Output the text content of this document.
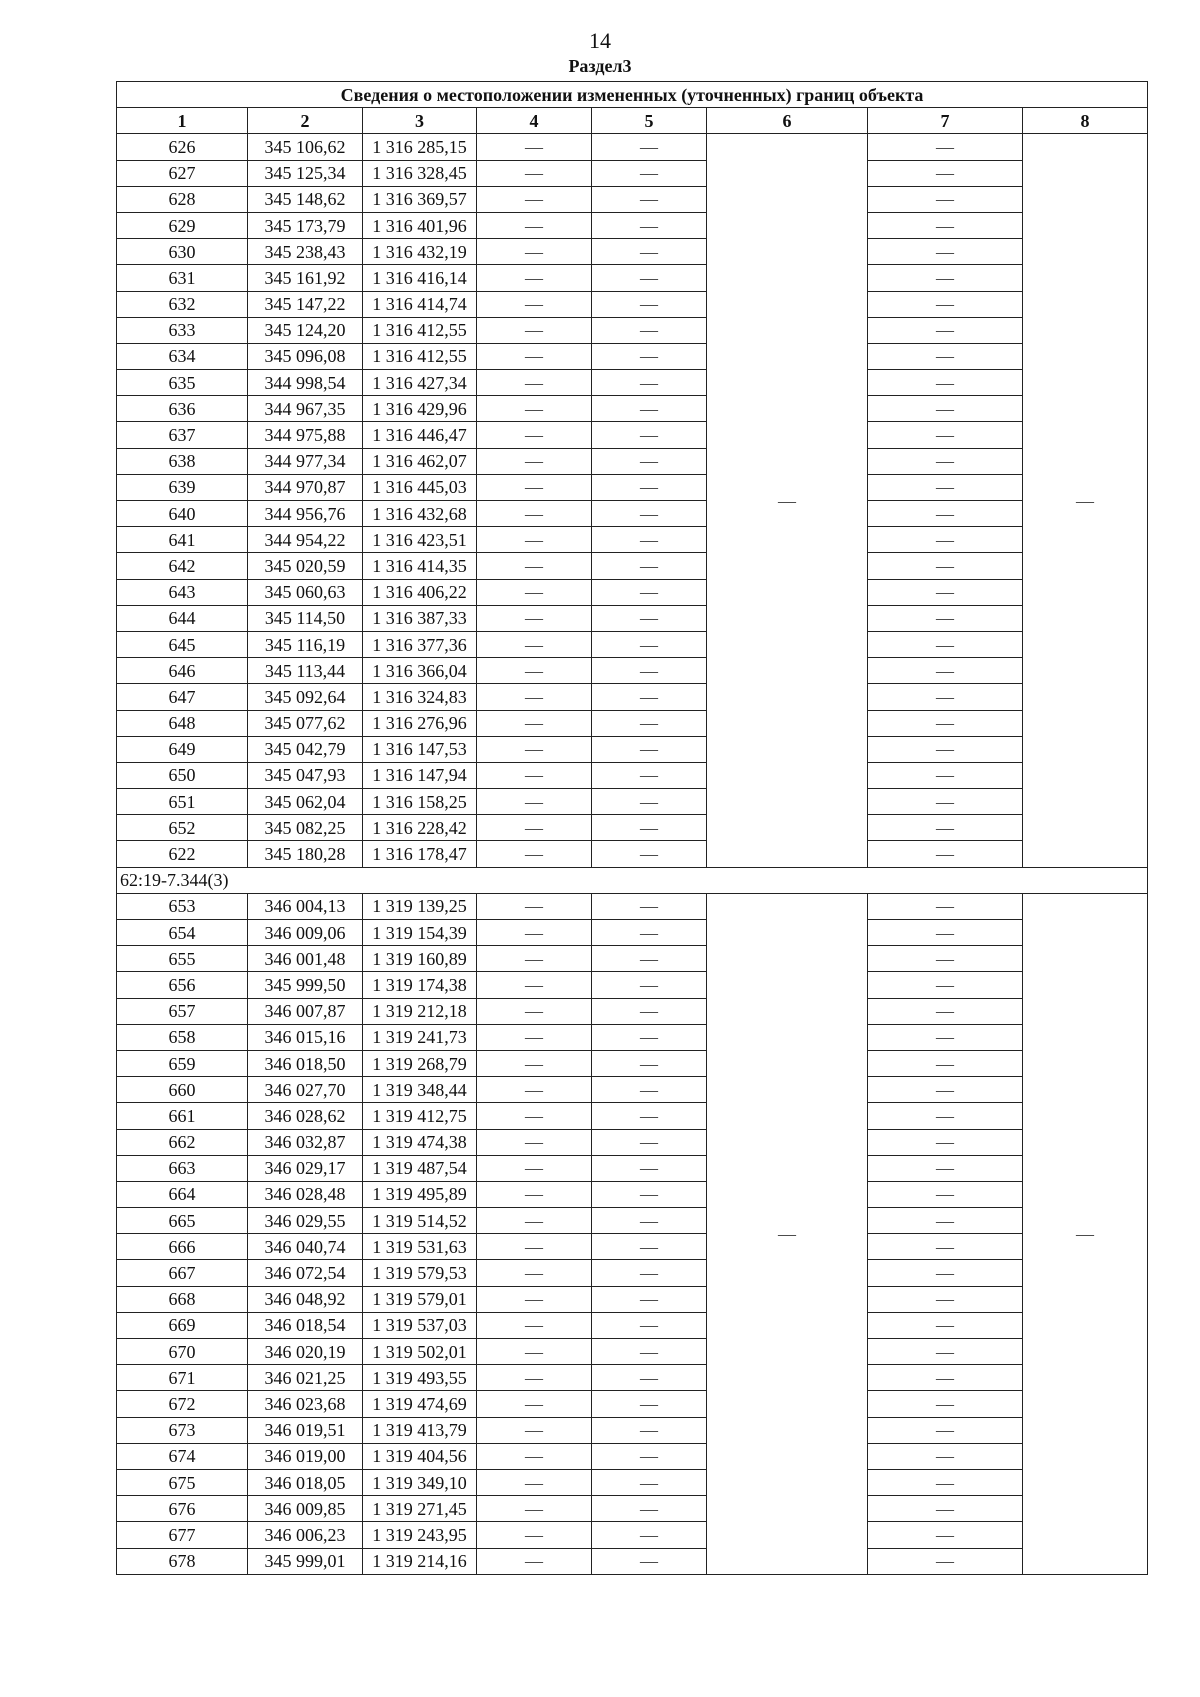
14
Раздел3
Сведения о местоположении измененных (уточненных) границ объекта							
1	2	3	4	5	6	7	8
626	345 106,62	1 316 285,15	—	—	—	—	—
627	345 125,34	1 316 328,45	—	—		—	
628	345 148,62	1 316 369,57	—	—		—	
629	345 173,79	1 316 401,96	—	—		—	
630	345 238,43	1 316 432,19	—	—		—	
631	345 161,92	1 316 416,14	—	—		—	
632	345 147,22	1 316 414,74	—	—		—	
633	345 124,20	1 316 412,55	—	—		—	
634	345 096,08	1 316 412,55	—	—		—	
635	344 998,54	1 316 427,34	—	—		—	
636	344 967,35	1 316 429,96	—	—		—	
637	344 975,88	1 316 446,47	—	—		—	
638	344 977,34	1 316 462,07	—	—		—	
639	344 970,87	1 316 445,03	—	—		—	
640	344 956,76	1 316 432,68	—	—		—	
641	344 954,22	1 316 423,51	—	—		—	
642	345 020,59	1 316 414,35	—	—		—	
643	345 060,63	1 316 406,22	—	—		—	
644	345 114,50	1 316 387,33	—	—		—	
645	345 116,19	1 316 377,36	—	—		—	
646	345 113,44	1 316 366,04	—	—		—	
647	345 092,64	1 316 324,83	—	—		—	
648	345 077,62	1 316 276,96	—	—		—	
649	345 042,79	1 316 147,53	—	—		—	
650	345 047,93	1 316 147,94	—	—		—	
651	345 062,04	1 316 158,25	—	—		—	
652	345 082,25	1 316 228,42	—	—		—	
622	345 180,28	1 316 178,47	—	—		—	
62:19-7.344(3)							
653	346 004,13	1 319 139,25	—	—	—	—	—
654	346 009,06	1 319 154,39	—	—		—	
655	346 001,48	1 319 160,89	—	—		—	
656	345 999,50	1 319 174,38	—	—		—	
657	346 007,87	1 319 212,18	—	—		—	
658	346 015,16	1 319 241,73	—	—		—	
659	346 018,50	1 319 268,79	—	—		—	
660	346 027,70	1 319 348,44	—	—		—	
661	346 028,62	1 319 412,75	—	—		—	
662	346 032,87	1 319 474,38	—	—		—	
663	346 029,17	1 319 487,54	—	—		—	
664	346 028,48	1 319 495,89	—	—		—	
665	346 029,55	1 319 514,52	—	—		—	
666	346 040,74	1 319 531,63	—	—		—	
667	346 072,54	1 319 579,53	—	—		—	
668	346 048,92	1 319 579,01	—	—		—	
669	346 018,54	1 319 537,03	—	—		—	
670	346 020,19	1 319 502,01	—	—		—	
671	346 021,25	1 319 493,55	—	—		—	
672	346 023,68	1 319 474,69	—	—		—	
673	346 019,51	1 319 413,79	—	—		—	
674	346 019,00	1 319 404,56	—	—		—	
675	346 018,05	1 319 349,10	—	—		—	
676	346 009,85	1 319 271,45	—	—		—	
677	346 006,23	1 319 243,95	—	—		—	
678	345 999,01	1 319 214,16	—	—		—	
